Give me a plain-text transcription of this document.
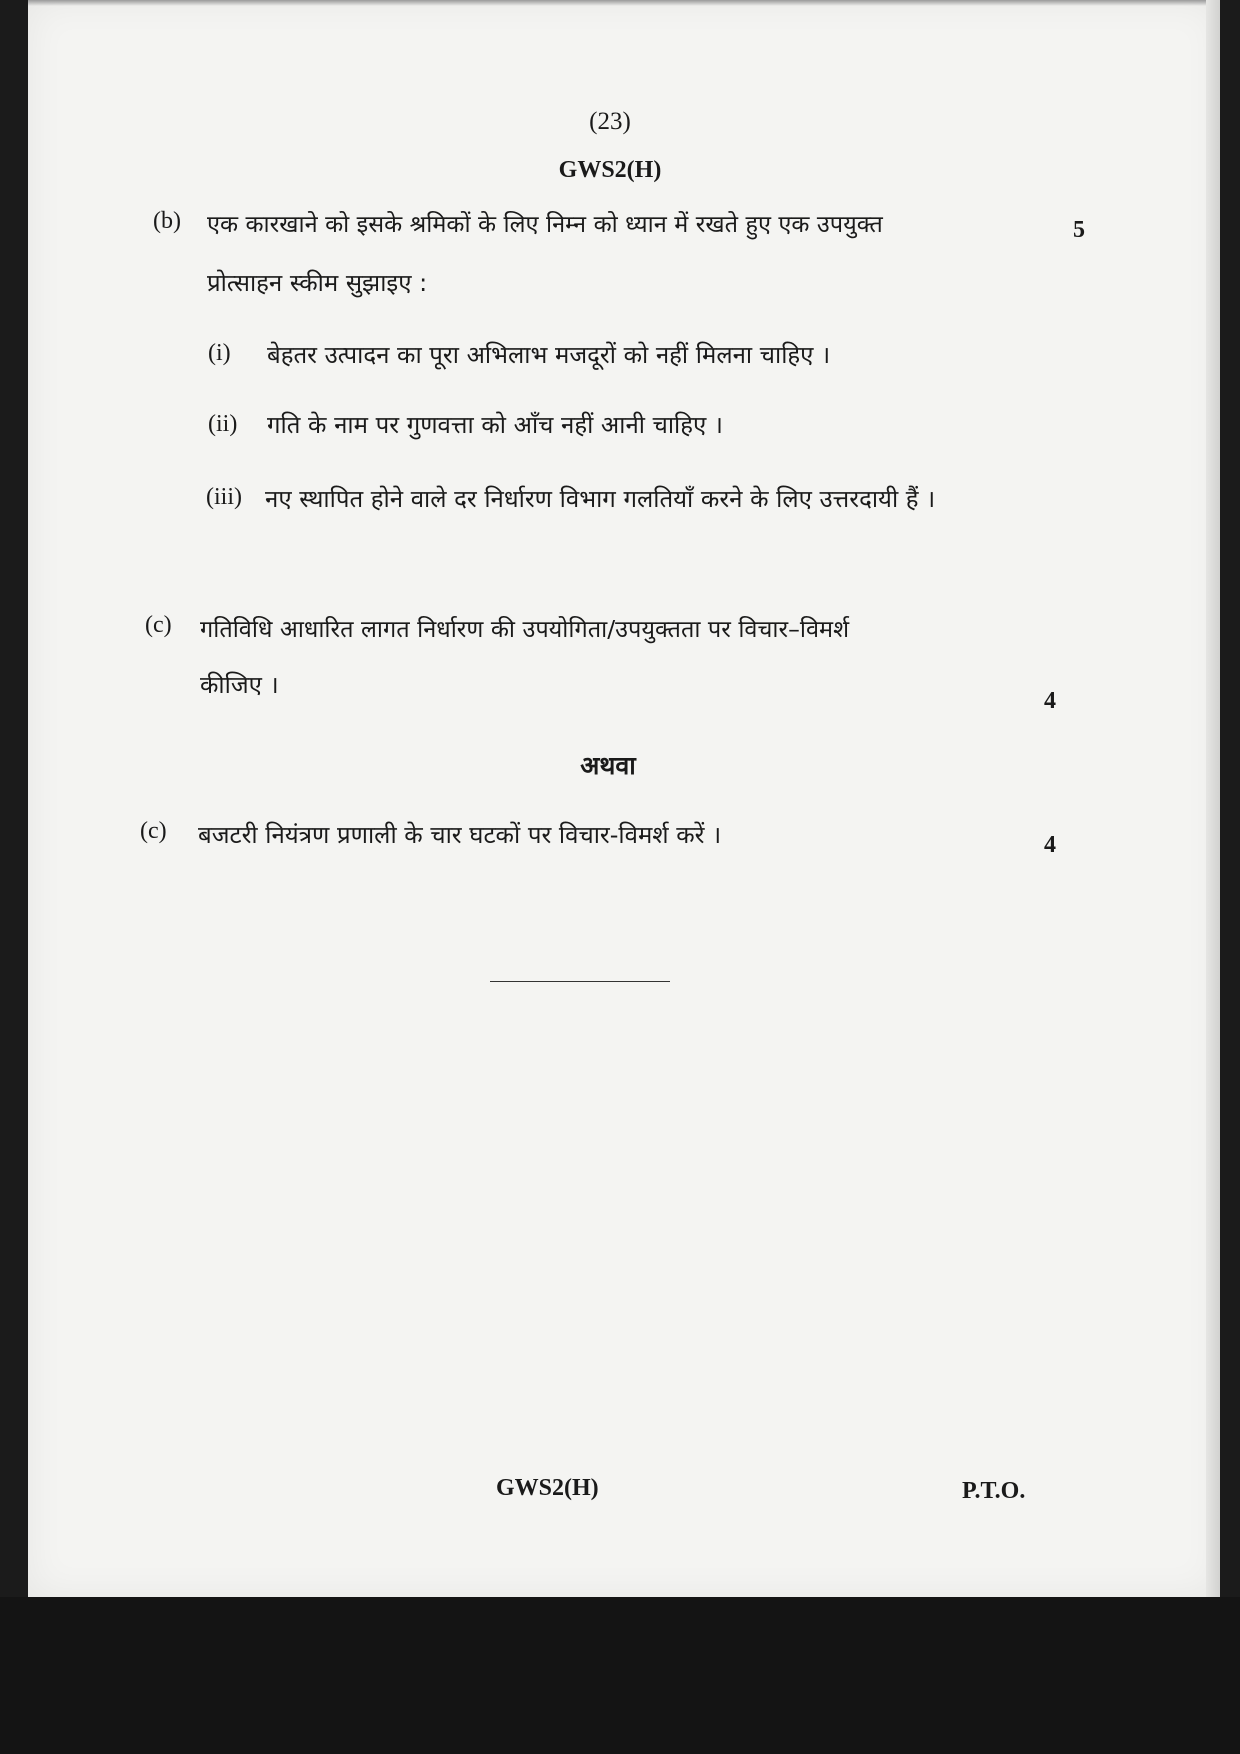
(23)
GWS2(H)
(b) एक कारखाने को इसके श्रमिकों के लिए निम्न को ध्यान में रखते हुए एक उपयुक्त
प्रोत्साहन स्कीम सुझाइए :
5
(i) बेहतर उत्पादन का पूरा अभिलाभ मजदूरों को नहीं मिलना चाहिए ।
(ii) गति के नाम पर गुणवत्ता को आँच नहीं आनी चाहिए ।
(iii) नए स्थापित होने वाले दर निर्धारण विभाग गलतियाँ करने के लिए उत्तरदायी हैं ।
(c) गतिविधि आधारित लागत निर्धारण की उपयोगिता/उपयुक्तता पर विचार–विमर्श
कीजिए ।
4
अथवा
(c) बजटरी नियंत्रण प्रणाली के चार घटकों पर विचार-विमर्श करें ।	4
GWS2(H)	P.T.O.
